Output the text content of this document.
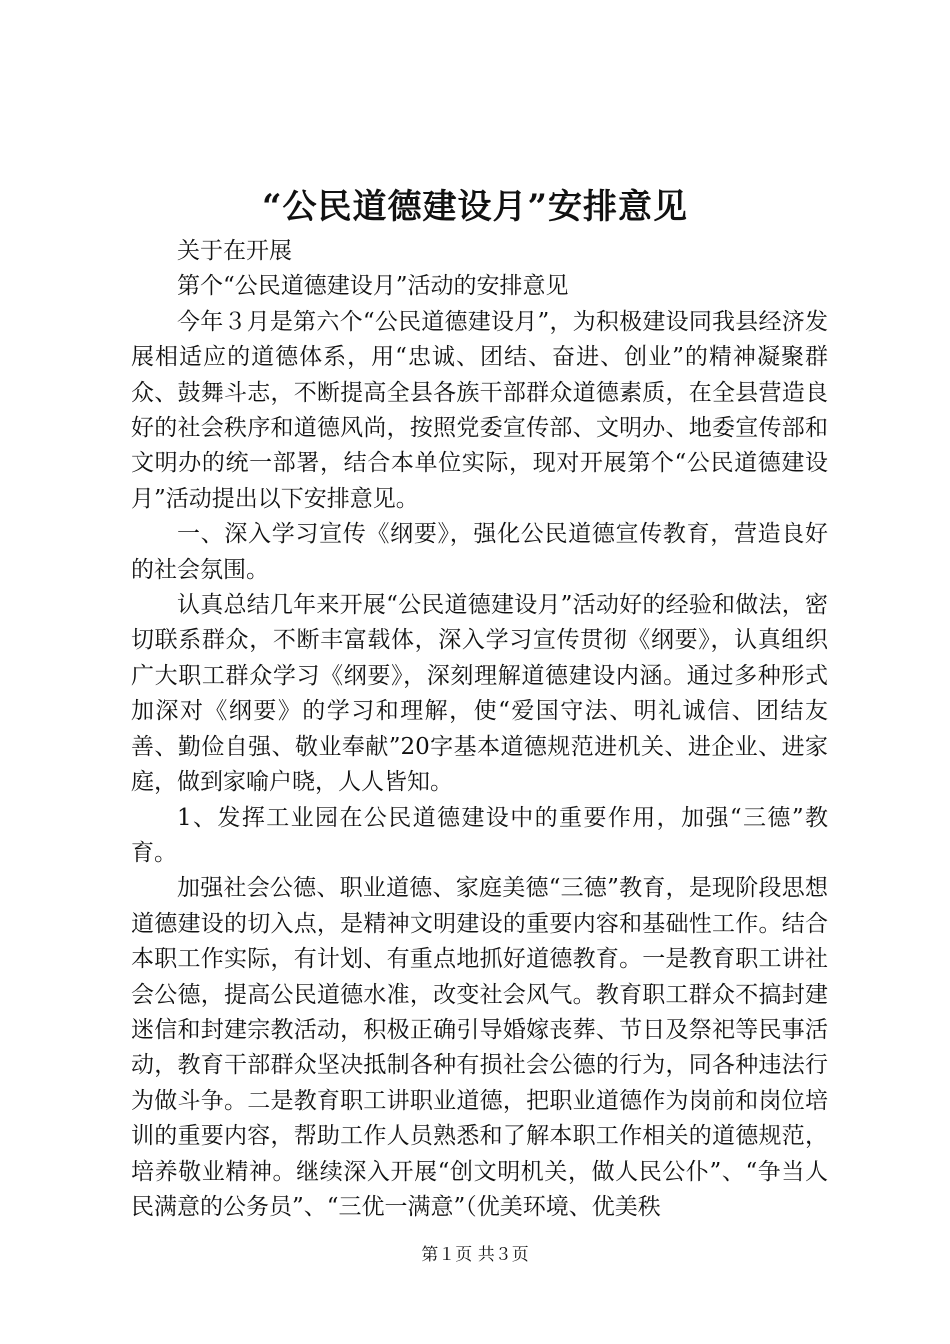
“公民道德建设月”安排意见

关于在开展

第个“公民道德建设月”活动的安排意见

今年３月是第六个“公民道德建设月”，为积极建设同我县经济发展相适应的道德体系，用“忠诚、团结、奋进、创业”的精神凝聚群众、鼓舞斗志，不断提高全县各族干部群众道德素质，在全县营造良好的社会秩序和道德风尚，按照党委宣传部、文明办、地委宣传部和文明办的统一部署，结合本单位实际，现对开展第个“公民道德建设月”活动提出以下安排意见。

一、深入学习宣传《纲要》，强化公民道德宣传教育，营造良好的社会氛围。

认真总结几年来开展“公民道德建设月”活动好的经验和做法，密切联系群众，不断丰富载体，深入学习宣传贯彻《纲要》，认真组织广大职工群众学习《纲要》，深刻理解道德建设内涵。通过多种形式加深对《纲要》的学习和理解，使“爱国守法、明礼诚信、团结友善、勤俭自强、敬业奉献”20字基本道德规范进机关、进企业、进家庭，做到家喻户晓，人人皆知。

1、发挥工业园在公民道德建设中的重要作用，加强“三德”教育。

加强社会公德、职业道德、家庭美德“三德”教育，是现阶段思想道德建设的切入点，是精神文明建设的重要内容和基础性工作。结合本职工作实际，有计划、有重点地抓好道德教育。一是教育职工讲社会公德，提高公民道德水准，改变社会风气。教育职工群众不搞封建迷信和封建宗教活动，积极正确引导婚嫁丧葬、节日及祭祀等民事活动，教育干部群众坚决抵制各种有损社会公德的行为，同各种违法行为做斗争。二是教育职工讲职业道德，把职业道德作为岗前和岗位培训的重要内容，帮助工作人员熟悉和了解本职工作相关的道德规范，培养敬业精神。继续深入开展“创文明机关，做人民公仆”、“争当人民满意的公务员”、“三优一满意”（优美环境、优美秩

第１页 共３页
